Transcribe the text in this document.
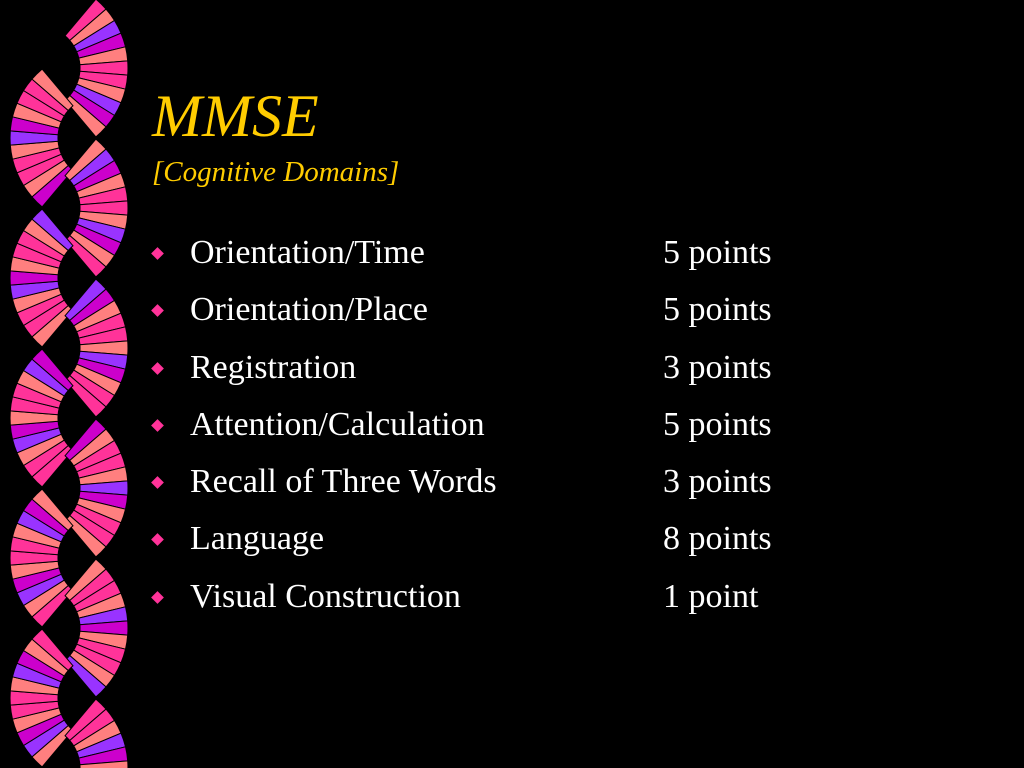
MMSE
[Cognitive Domains]
Orientation/Time	5 points
Orientation/Place	5 points
Registration	3 points
Attention/Calculation	5 points
Recall of Three Words	3 points
Language	8 points
Visual Construction	1 point
